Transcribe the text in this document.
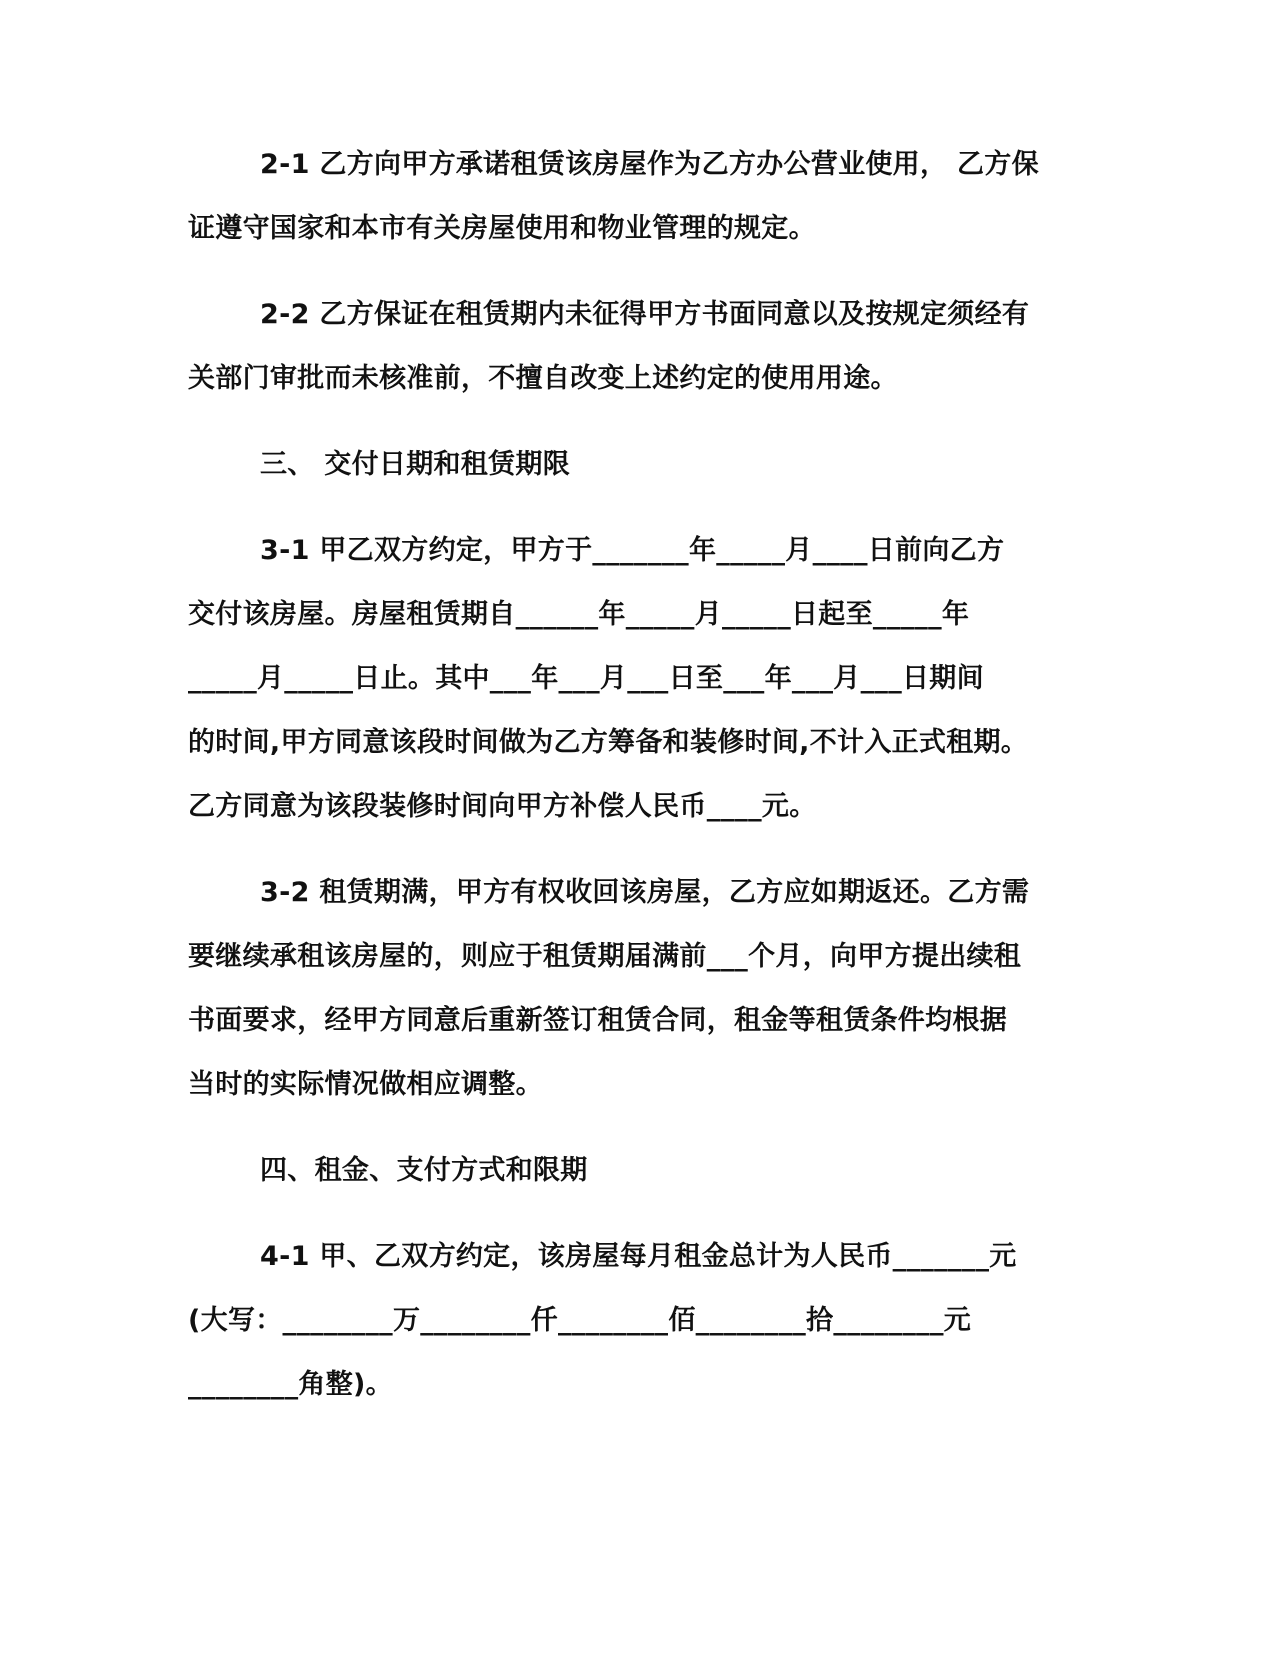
2-1 乙方向甲方承诺租赁该房屋作为乙方办公营业使用， 乙方保
证遵守国家和本市有关房屋使用和物业管理的规定。
2-2 乙方保证在租赁期内未征得甲方书面同意以及按规定须经有
关部门审批而未核准前，不擅自改变上述约定的使用用途。
三、 交付日期和租赁期限
3-1 甲乙双方约定，甲方于_______年_____月____日前向乙方
交付该房屋。房屋租赁期自______年_____月_____日起至_____年
_____月_____日止。其中___年___月___日至___年___月___日期间
的时间,甲方同意该段时间做为乙方筹备和装修时间,不计入正式租期。
乙方同意为该段装修时间向甲方补偿人民币____元。
3-2 租赁期满，甲方有权收回该房屋，乙方应如期返还。乙方需
要继续承租该房屋的，则应于租赁期届满前___个月，向甲方提出续租
书面要求，经甲方同意后重新签订租赁合同，租金等租赁条件均根据
当时的实际情况做相应调整。
四、租金、支付方式和限期
4-1 甲、乙双方约定，该房屋每月租金总计为人民币_______元
(大写：________万________仟________佰________拾________元
________角整)。
